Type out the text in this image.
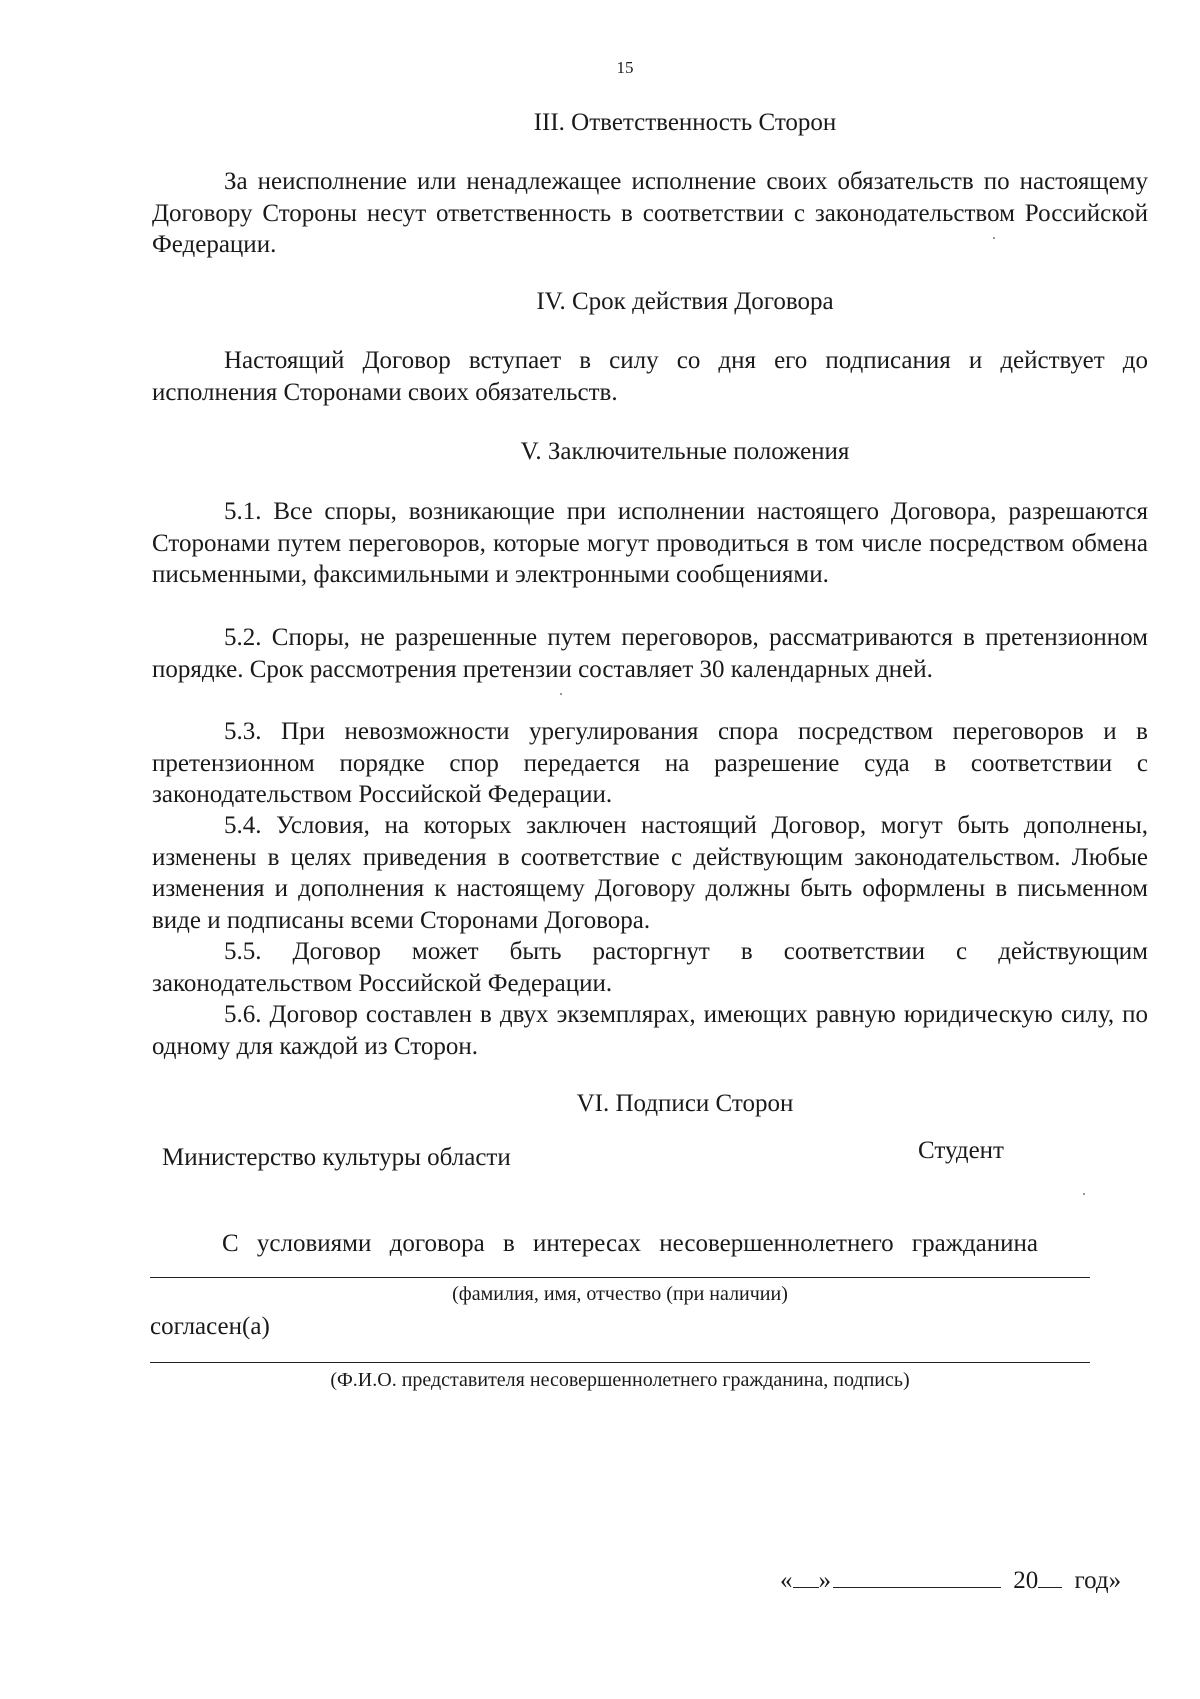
15
III. Ответственность Сторон

За неисполнение или ненадлежащее исполнение своих обязательств по настоящему Договору Стороны несут ответственность в соответствии с законодательством Российской Федерации.

IV. Срок действия Договора

Настоящий Договор вступает в силу со дня его подписания и действует до исполнения Сторонами своих обязательств.

V. Заключительные положения

5.1. Все споры, возникающие при исполнении настоящего Договора, разрешаются Сторонами путем переговоров, которые могут проводиться в том числе посредством обмена письменными, факсимильными и электронными сообщениями.

5.2. Споры, не разрешенные путем переговоров, рассматриваются в претензионном порядке. Срок рассмотрения претензии составляет 30 календарных дней.

5.3. При невозможности урегулирования спора посредством переговоров и в претензионном порядке спор передается на разрешение суда в соответствии с законодательством Российской Федерации.

5.4. Условия, на которых заключен настоящий Договор, могут быть дополнены, изменены в целях приведения в соответствие с действующим законодательством. Любые изменения и дополнения к настоящему Договору должны быть оформлены в письменном виде и подписаны всеми Сторонами Договора.

5.5. Договор может быть расторгнут в соответствии с действующим законодательством Российской Федерации.

5.6. Договор составлен в двух экземплярах, имеющих равную юридическую силу, по одному для каждой из Сторон.

VI. Подписи Сторон
Министерство культуры области	Студент
С условиями договора в интересах несовершеннолетнего гражданина
(фамилия, имя, отчество (при наличии)
согласен(а)
(Ф.И.О. представителя несовершеннолетнего гражданина, подпись)
« »	20 год»
